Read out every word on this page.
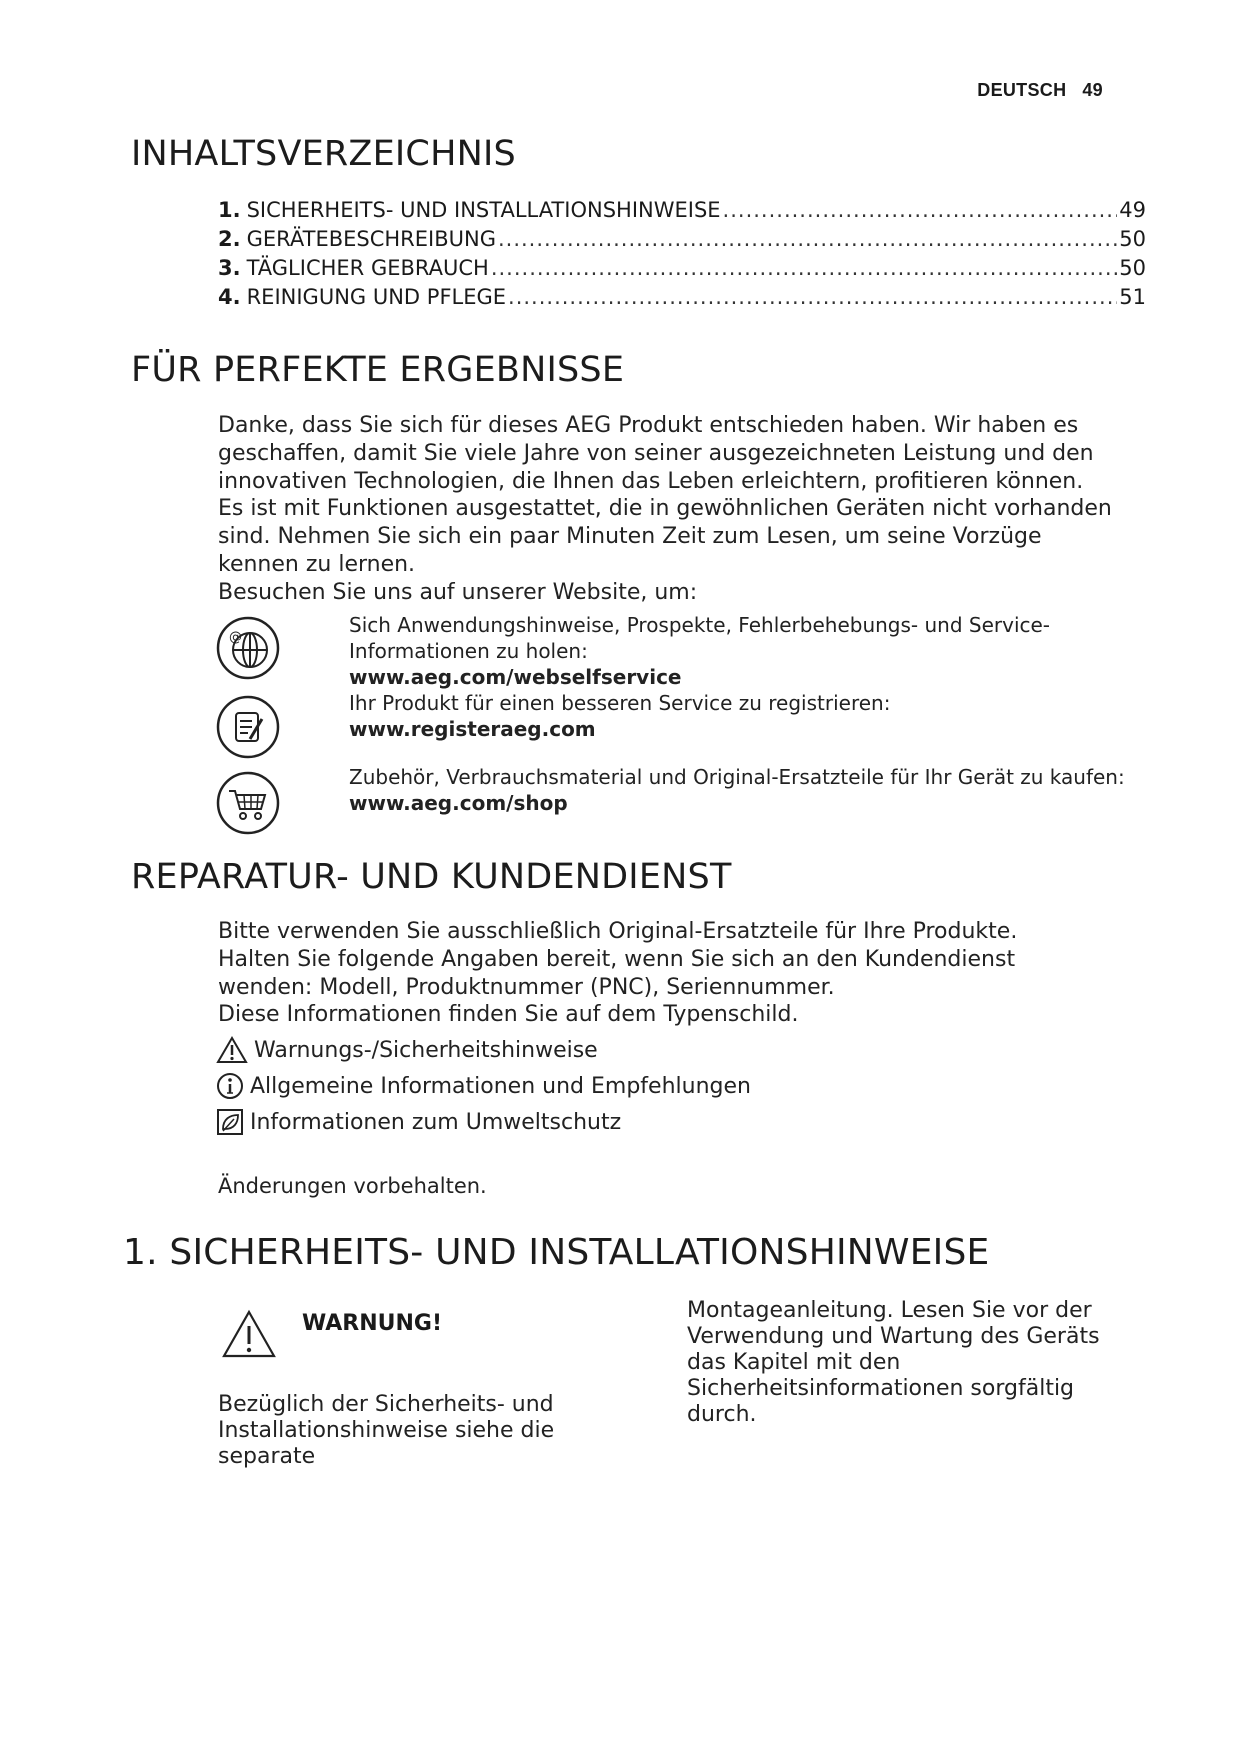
DEUTSCH 49
INHALTSVERZEICHNIS
1. SICHERHEITS- UND INSTALLATIONSHINWEISE .....	49
2. GERÄTEBESCHREIBUNG .....	50
3. TÄGLICHER GEBRAUCH .....	50
4. REINIGUNG UND PFLEGE .....	51
FÜR PERFEKTE ERGEBNISSE
Danke, dass Sie sich für dieses AEG Produkt entschieden haben. Wir haben es
geschaffen, damit Sie viele Jahre von seiner ausgezeichneten Leistung und den
innovativen Technologien, die Ihnen das Leben erleichtern, profitieren können.
Es ist mit Funktionen ausgestattet, die in gewöhnlichen Geräten nicht vorhanden
sind. Nehmen Sie sich ein paar Minuten Zeit zum Lesen, um seine Vorzüge
kennen zu lernen.
Besuchen Sie uns auf unserer Website, um:
@
Sich Anwendungshinweise, Prospekte, Fehlerbehebungs- und Service-
Informationen zu holen:
www.aeg.com/webselfservice
Ihr Produkt für einen besseren Service zu registrieren:
www.registeraeg.com
Zubehör, Verbrauchsmaterial und Original-Ersatzteile für Ihr Gerät zu kaufen:
www.aeg.com/shop
REPARATUR- UND KUNDENDIENST
Bitte verwenden Sie ausschließlich Original-Ersatzteile für Ihre Produkte.
Halten Sie folgende Angaben bereit, wenn Sie sich an den Kundendienst
wenden: Modell, Produktnummer (PNC), Seriennummer.
Diese Informationen finden Sie auf dem Typenschild.
Warnungs-/Sicherheitshinweise
Allgemeine Informationen und Empfehlungen
Informationen zum Umweltschutz
Änderungen vorbehalten.
1. SICHERHEITS- UND INSTALLATIONSHINWEISE
WARNUNG!
Bezüglich der Sicherheits- und
Installationshinweise siehe die separate
Montageanleitung. Lesen Sie vor der
Verwendung und Wartung des Geräts
das Kapitel mit den
Sicherheitsinformationen sorgfältig
durch.
